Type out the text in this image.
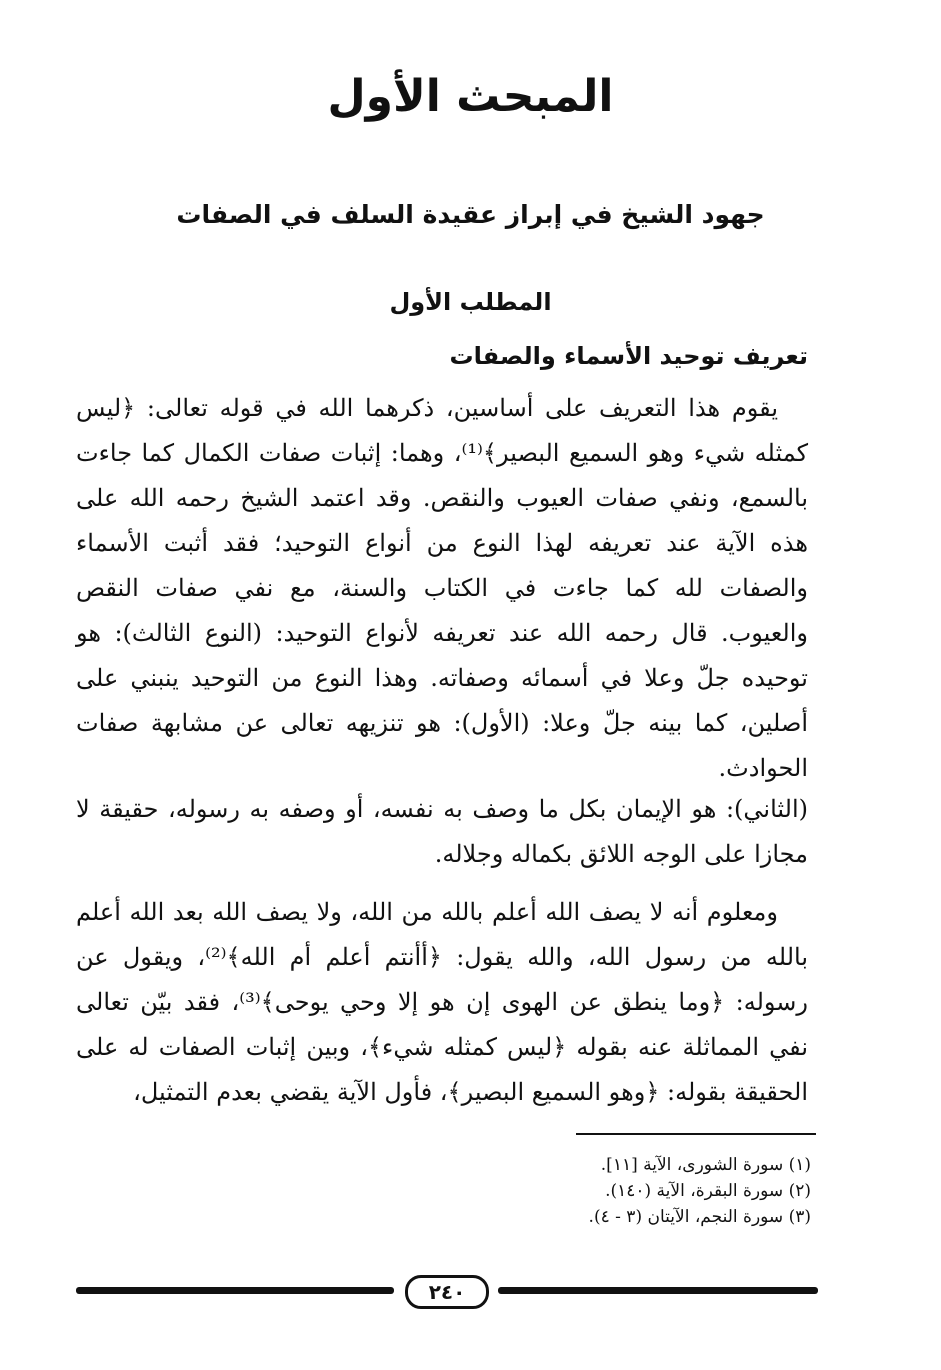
المبحث الأول
جهود الشيخ في إبراز عقيدة السلف في الصفات
المطلب الأول
تعريف توحيد الأسماء والصفات

يقوم هذا التعريف على أساسين، ذكرهما الله في قوله تعالى: ﴿ليس كمثله شيء وهو السميع البصير﴾⁽¹⁾، وهما: إثبات صفات الكمال كما جاءت بالسمع، ونفي صفات العيوب والنقص. وقد اعتمد الشيخ رحمه الله على هذه الآية عند تعريفه لهذا النوع من أنواع التوحيد؛ فقد أثبت الأسماء والصفات لله كما جاءت في الكتاب والسنة، مع نفي صفات النقص والعيوب. قال رحمه الله عند تعريفه لأنواع التوحيد: (النوع الثالث): هو توحيده جلّ وعلا في أسمائه وصفاته. وهذا النوع من التوحيد ينبني على أصلين، كما بينه جلّ وعلا: (الأول): هو تنزيهه تعالى عن مشابهة صفات الحوادث.

(الثاني): هو الإيمان بكل ما وصف به نفسه، أو وصفه به رسوله، حقيقة لا مجازا على الوجه اللائق بكماله وجلاله.

ومعلوم أنه لا يصف الله أعلم بالله من الله، ولا يصف الله بعد الله أعلم بالله من رسول الله، والله يقول: ﴿أأنتم أعلم أم الله﴾⁽²⁾، ويقول عن رسوله: ﴿وما ينطق عن الهوى إن هو إلا وحي يوحى﴾⁽³⁾، فقد بيّن تعالى نفي المماثلة عنه بقوله ﴿ليس كمثله شيء﴾، وبين إثبات الصفات له على الحقيقة بقوله: ﴿وهو السميع البصير﴾، فأول الآية يقضي بعدم التمثيل،

(١) سورة الشورى، الآية [١١].
(٢) سورة البقرة، الآية (١٤٠).
(٣) سورة النجم، الآيتان (٣ - ٤).
٢٤٠
